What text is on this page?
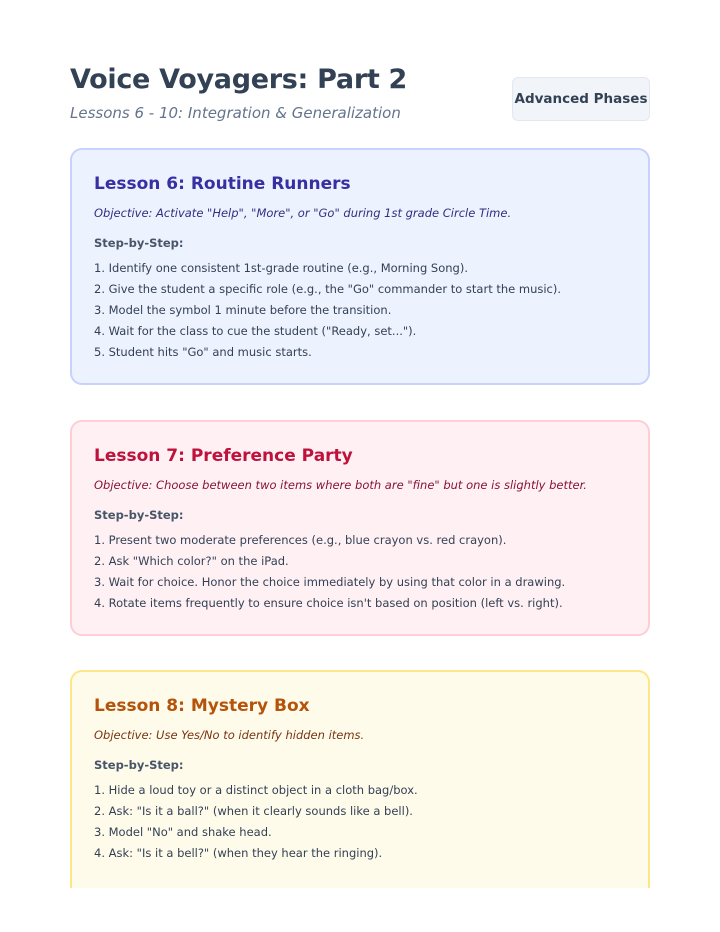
Voice Voyagers: Part 2
Lessons 6 - 10: Integration & Generalization
Advanced Phases
Lesson 6: Routine Runners
Objective: Activate "Help", "More", or "Go" during 1st grade Circle Time.
Step-by-Step:
1. Identify one consistent 1st-grade routine (e.g., Morning Song).
2. Give the student a specific role (e.g., the "Go" commander to start the music).
3. Model the symbol 1 minute before the transition.
4. Wait for the class to cue the student ("Ready, set...").
5. Student hits "Go" and music starts.
Lesson 7: Preference Party
Objective: Choose between two items where both are "fine" but one is slightly better.
Step-by-Step:
1. Present two moderate preferences (e.g., blue crayon vs. red crayon).
2. Ask "Which color?" on the iPad.
3. Wait for choice. Honor the choice immediately by using that color in a drawing.
4. Rotate items frequently to ensure choice isn't based on position (left vs. right).
Lesson 8: Mystery Box
Objective: Use Yes/No to identify hidden items.
Step-by-Step:
1. Hide a loud toy or a distinct object in a cloth bag/box.
2. Ask: "Is it a ball?" (when it clearly sounds like a bell).
3. Model "No" and shake head.
4. Ask: "Is it a bell?" (when they hear the ringing).
